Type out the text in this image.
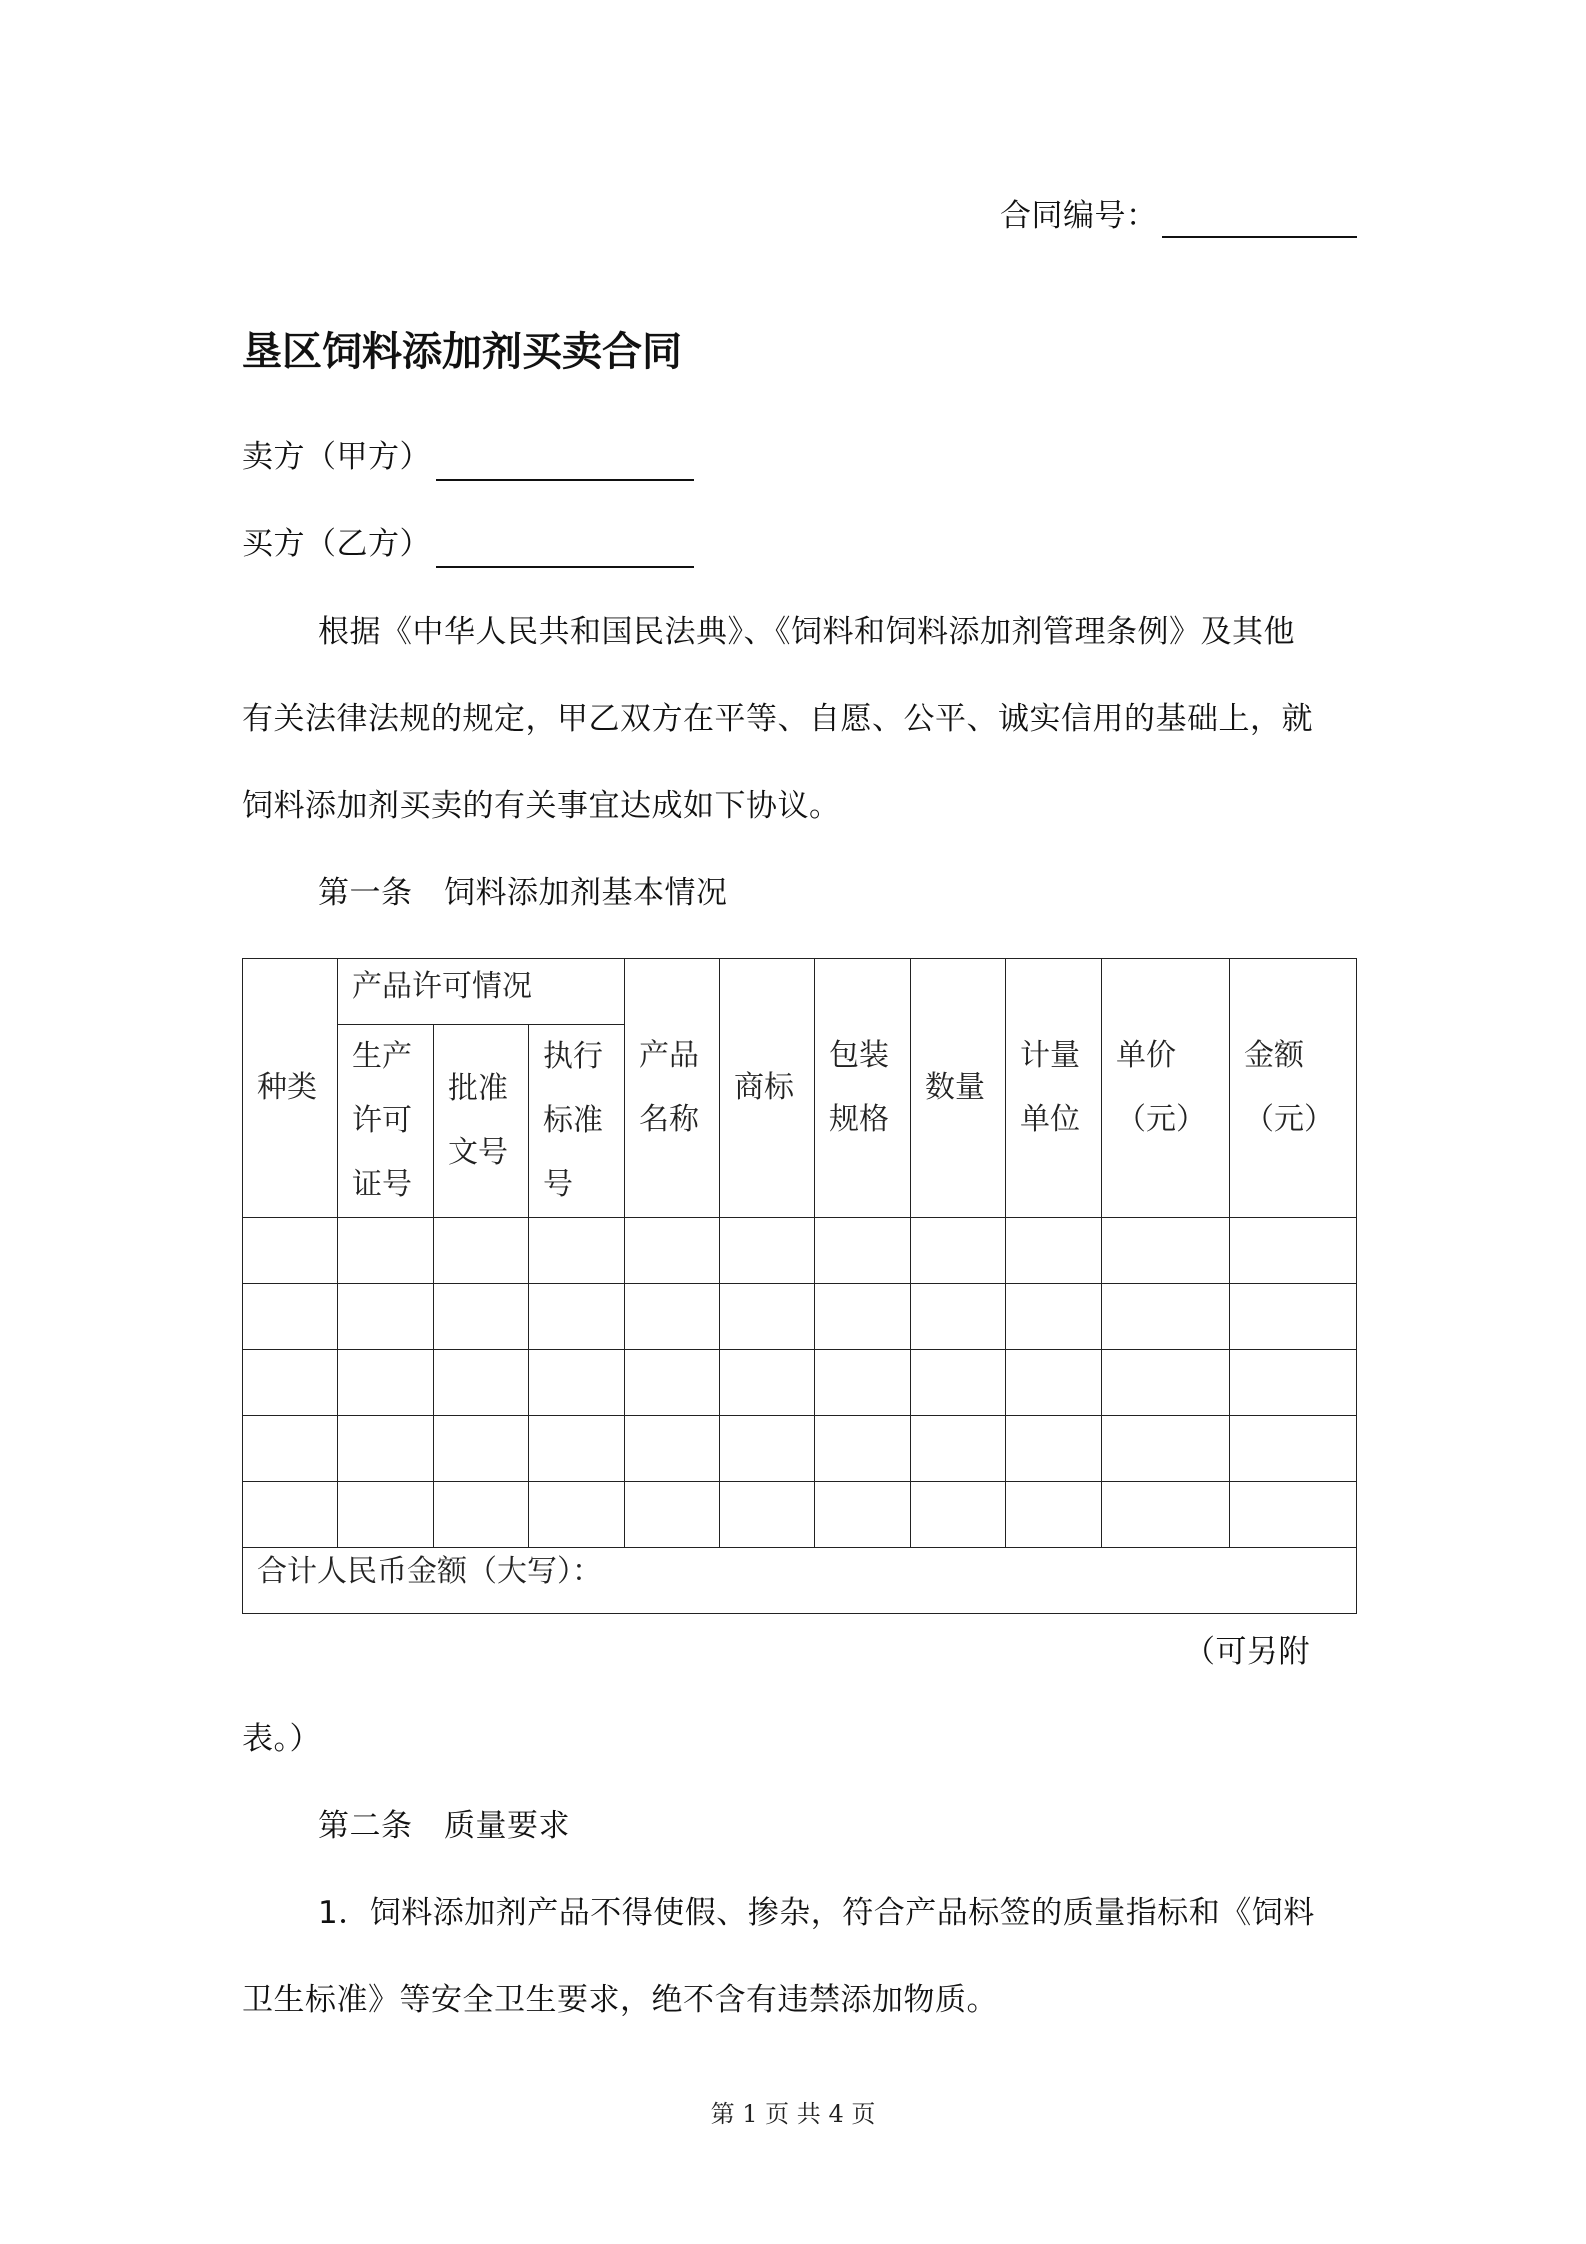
合同编号：
垦区饲料添加剂买卖合同
卖方（甲方）
买方（乙方）
根据《中华人民共和国民法典》、《饲料和饲料添加剂管理条例》及其他
有关法律法规的规定，甲乙双方在平等、自愿、公平、诚实信用的基础上，就
饲料添加剂买卖的有关事宜达成如下协议。
第一条　饲料添加剂基本情况
种类	产品许可情况			产品名称	商标	包装规格	数量	计量单位	单价（元）	金额（元）

	生产许可证号	批准文号	执行标准号							

合计人民币金额（大写）：										
（可另附
表。）
第二条　质量要求
1．饲料添加剂产品不得使假、掺杂，符合产品标签的质量指标和《饲料
卫生标准》等安全卫生要求，绝不含有违禁添加物质。
第 1 页 共 4 页
